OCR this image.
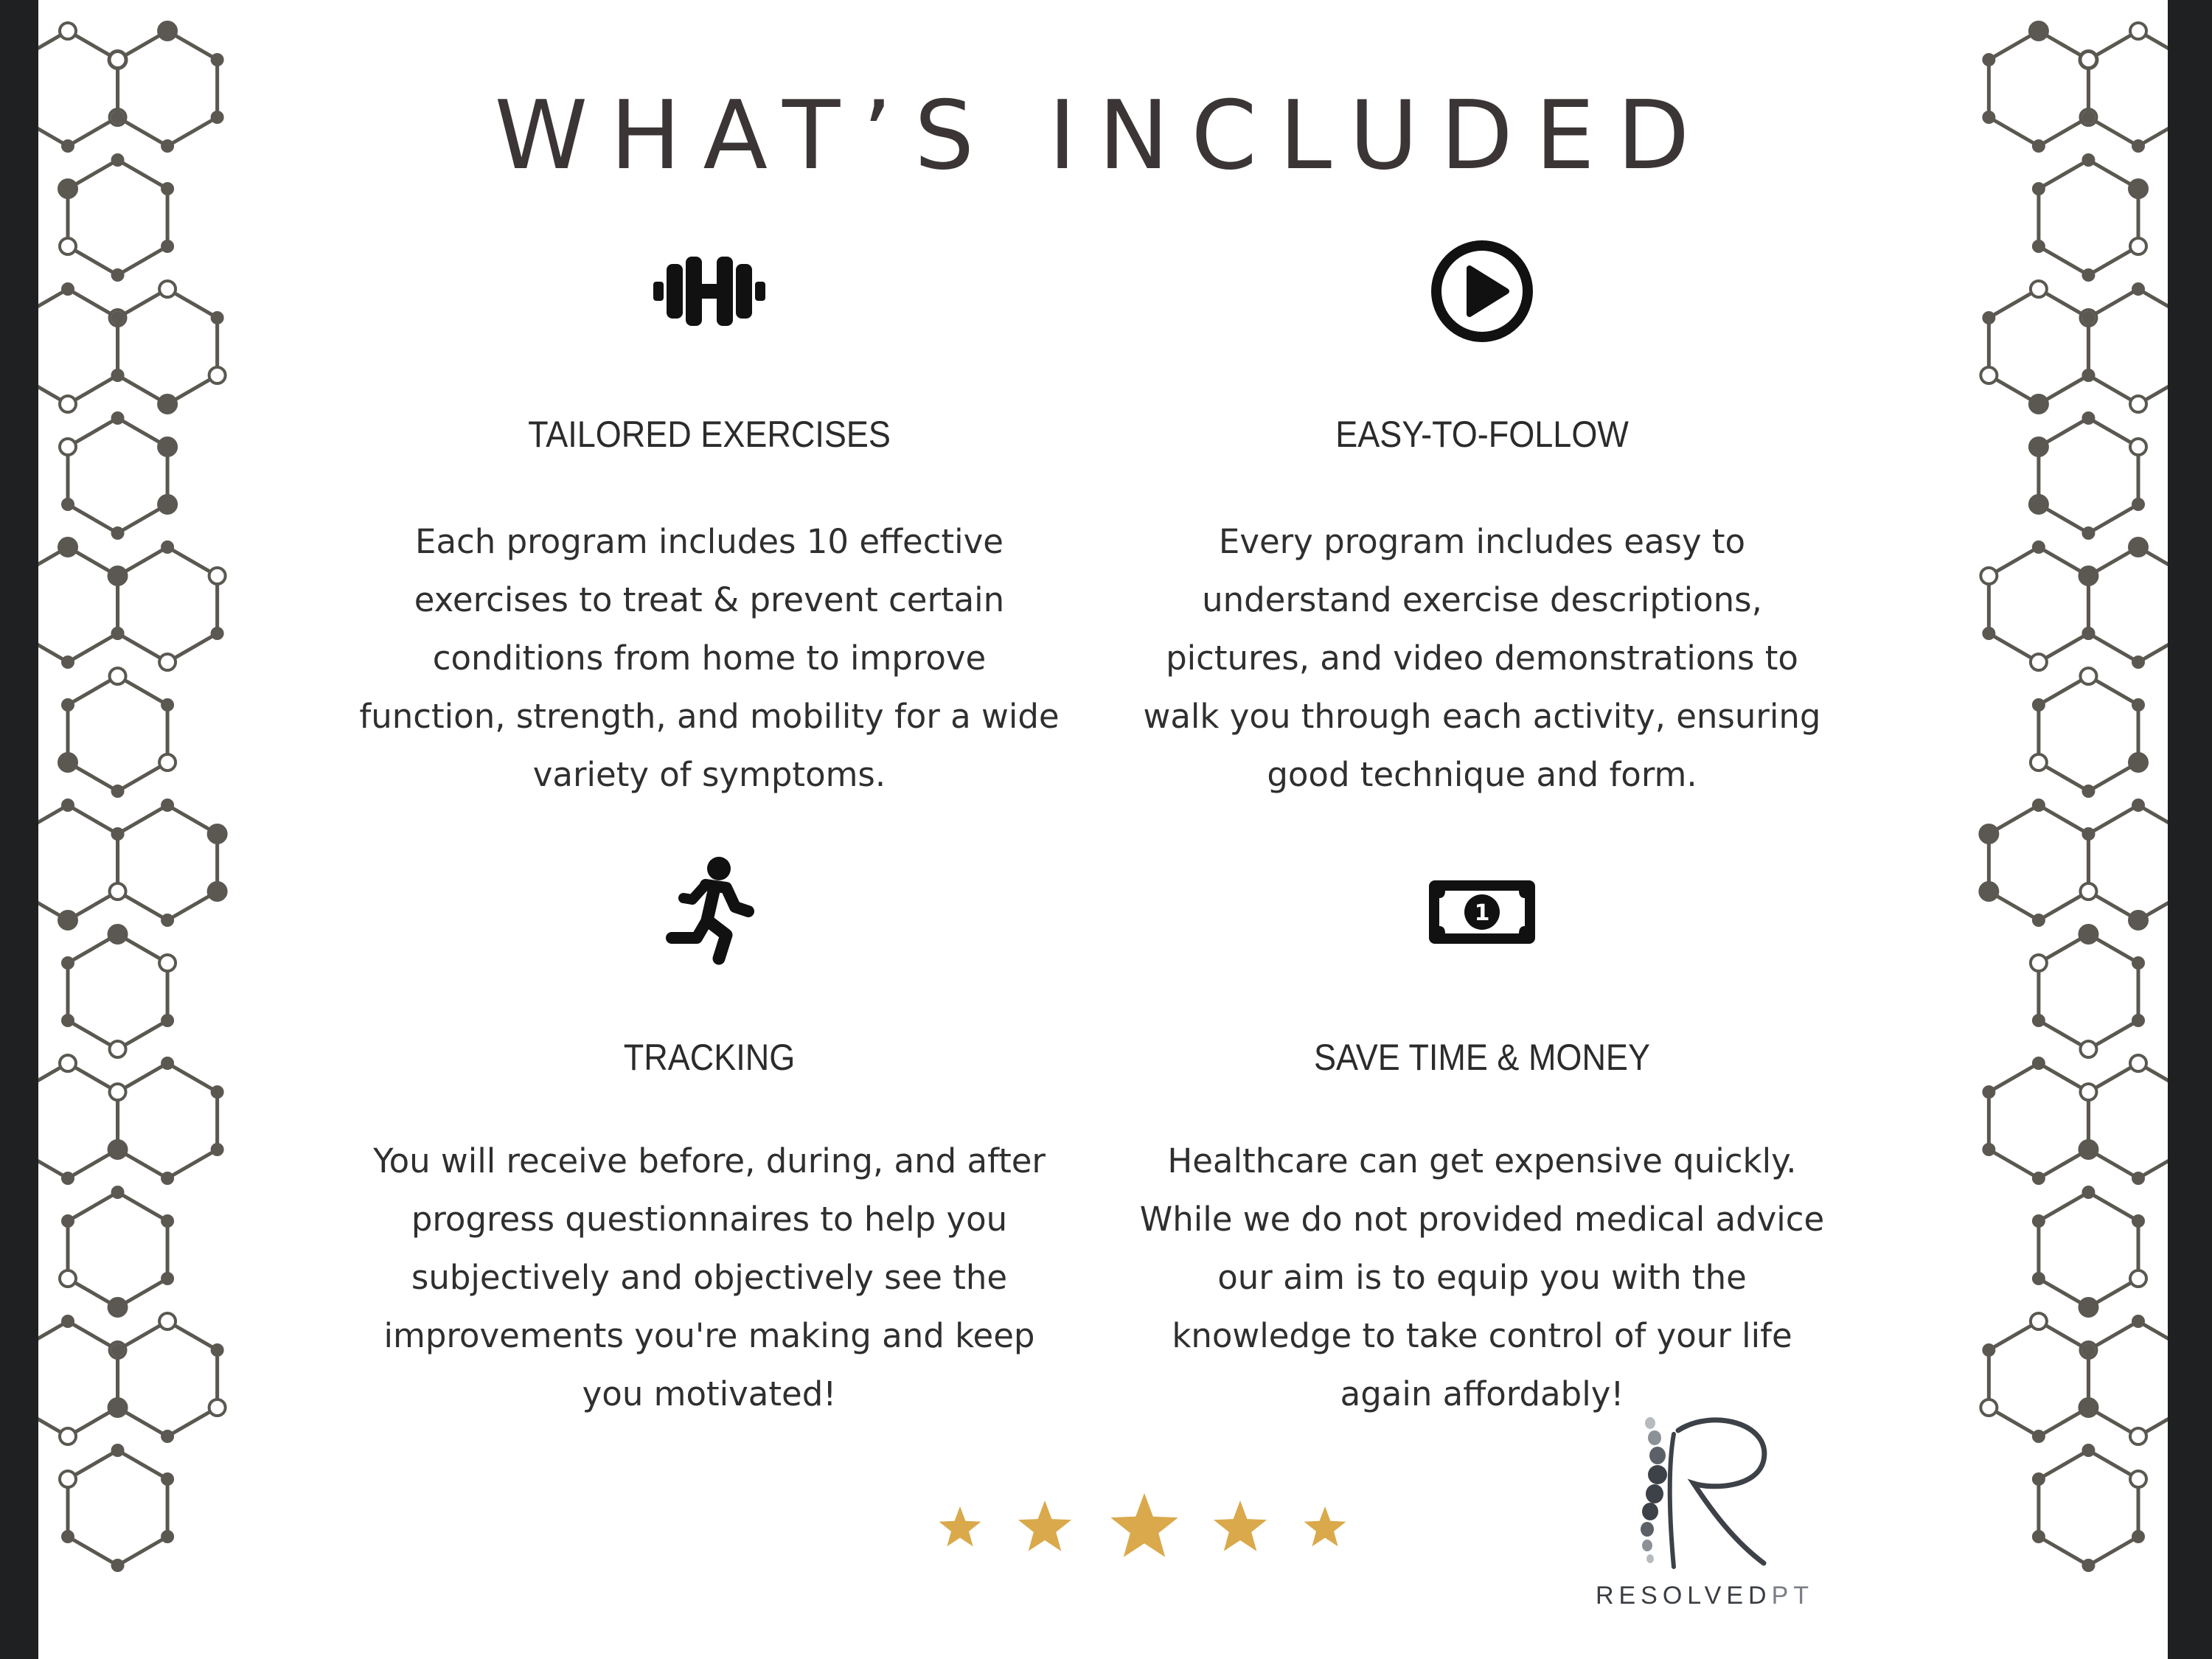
WHAT’S INCLUDED
TAILORED EXERCISES
Each program includes 10 effective
exercises to treat & prevent certain
conditions from home to improve
function, strength, and mobility for a wide
variety of symptoms.
EASY-TO-FOLLOW
Every program includes easy to
understand exercise descriptions,
pictures, and video demonstrations to
walk you through each activity, ensuring
good technique and form.
TRACKING
You will receive before, during, and after
progress questionnaires to help you
subjectively and objectively see the
improvements you're making and keep
you motivated!
1
SAVE TIME & MONEY
Healthcare can get expensive quickly.
While we do not provided medical advice
our aim is to equip you with the
knowledge to take control of your life
again affordably!
RESOLVEDPT
